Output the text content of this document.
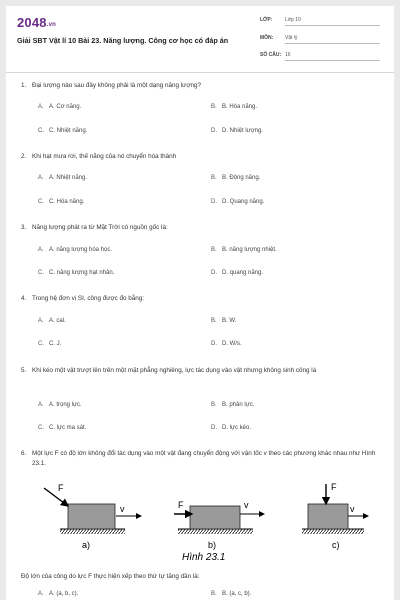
2048.vn
Giải SBT Vật lí 10 Bài 23. Năng lượng. Công cơ học có đáp án
LỚP:	Lớp 10
MÔN: Vật lý
SỐ CÂU: 16
1. Đại lượng nào sau đây không phải là một dạng năng lượng?
A. A. Cơ năng.	B. B. Hóa năng.
C. C. Nhiệt năng.	D. D. Nhiệt lượng.
2. Khi hạt mưa rơi, thế năng của nó chuyển hóa thành
A. A. Nhiệt năng.	B. B. Động năng.
C. C. Hóa năng.	D. D. Quang năng.
3. Năng lượng phát ra từ Mặt Trời có nguồn gốc là:
A. A. năng lượng hóa học.	B. B. năng lượng nhiệt.
C. C. năng lượng hạt nhân.	D. D. quang năng.
4. Trong hệ đơn vị SI, công được đo bằng:
A. A. cal.	B. B. W.
C. C. J.	D. D. W/s.
5. Khi kéo một vật trượt lên trên một mặt phẳng nghiêng, lực tác dụng vào vật nhưng không sinh công là
A. A. trọng lực.	B. B. phản lực.
C. C. lực ma sát.	D. D. lực kéo.
6. Một lực F có độ lớn không đổi tác dụng vào một vật đang chuyển động với vận tốc v theo các phương khác nhau như Hình 23.1.
F
v
a)
F	v
b)
Hình 23.1
F
v
c)
Độ lớn của công do lực F thực hiện xếp theo thứ tự tăng dần là:
A. A. (a, b, c).	B. B. (a, c, b).
